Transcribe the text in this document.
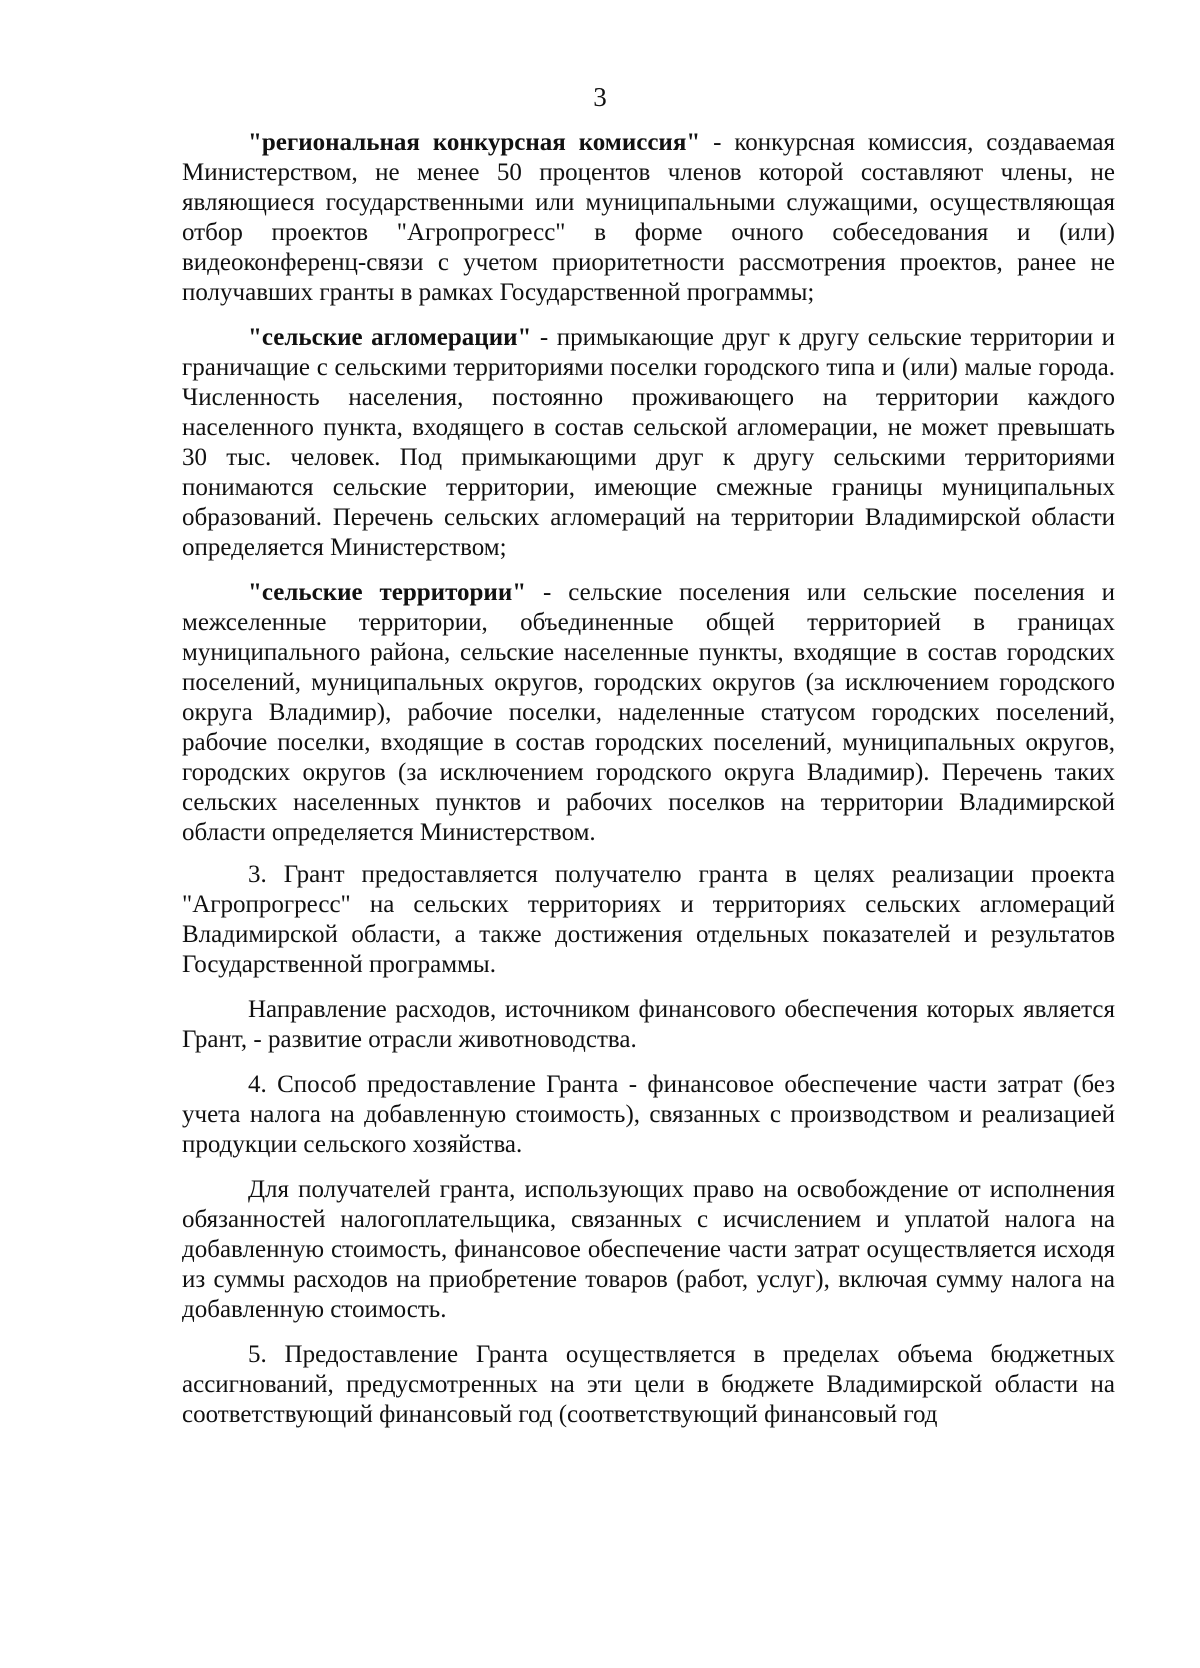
3

"региональная конкурсная комиссия" - конкурсная комиссия, создаваемая Министерством, не менее 50 процентов членов которой составляют члены, не являющиеся государственными или муниципальными служащими, осуществляющая отбор проектов "Агропрогресс" в форме очного собеседования и (или) видеоконференц-связи с учетом приоритетности рассмотрения проектов, ранее не получавших гранты в рамках Государственной программы;

"сельские агломерации" - примыкающие друг к другу сельские территории и граничащие с сельскими территориями поселки городского типа и (или) малые города. Численность населения, постоянно проживающего на территории каждого населенного пункта, входящего в состав сельской агломерации, не может превышать 30 тыс. человек. Под примыкающими друг к другу сельскими территориями понимаются сельские территории, имеющие смежные границы муниципальных образований. Перечень сельских агломераций на территории Владимирской области определяется Министерством;

"сельские территории" - сельские поселения или сельские поселения и межселенные территории, объединенные общей территорией в границах муниципального района, сельские населенные пункты, входящие в состав городских поселений, муниципальных округов, городских округов (за исключением городского округа Владимир), рабочие поселки, наделенные статусом городских поселений, рабочие поселки, входящие в состав городских поселений, муниципальных округов, городских округов (за исключением городского округа Владимир). Перечень таких сельских населенных пунктов и рабочих поселков на территории Владимирской области определяется Министерством.

3. Грант предоставляется получателю гранта в целях реализации проекта "Агропрогресс" на сельских территориях и территориях сельских агломераций Владимирской области, а также достижения отдельных показателей и результатов Государственной программы.

Направление расходов, источником финансового обеспечения которых является Грант, - развитие отрасли животноводства.

4. Способ предоставление Гранта - финансовое обеспечение части затрат (без учета налога на добавленную стоимость), связанных с производством и реализацией продукции сельского хозяйства.

Для получателей гранта, использующих право на освобождение от исполнения обязанностей налогоплательщика, связанных с исчислением и уплатой налога на добавленную стоимость, финансовое обеспечение части затрат осуществляется исходя из суммы расходов на приобретение товаров (работ, услуг), включая сумму налога на добавленную стоимость.

5. Предоставление Гранта осуществляется в пределах объема бюджетных ассигнований, предусмотренных на эти цели в бюджете Владимирской области на соответствующий финансовый год (соответствующий финансовый год
